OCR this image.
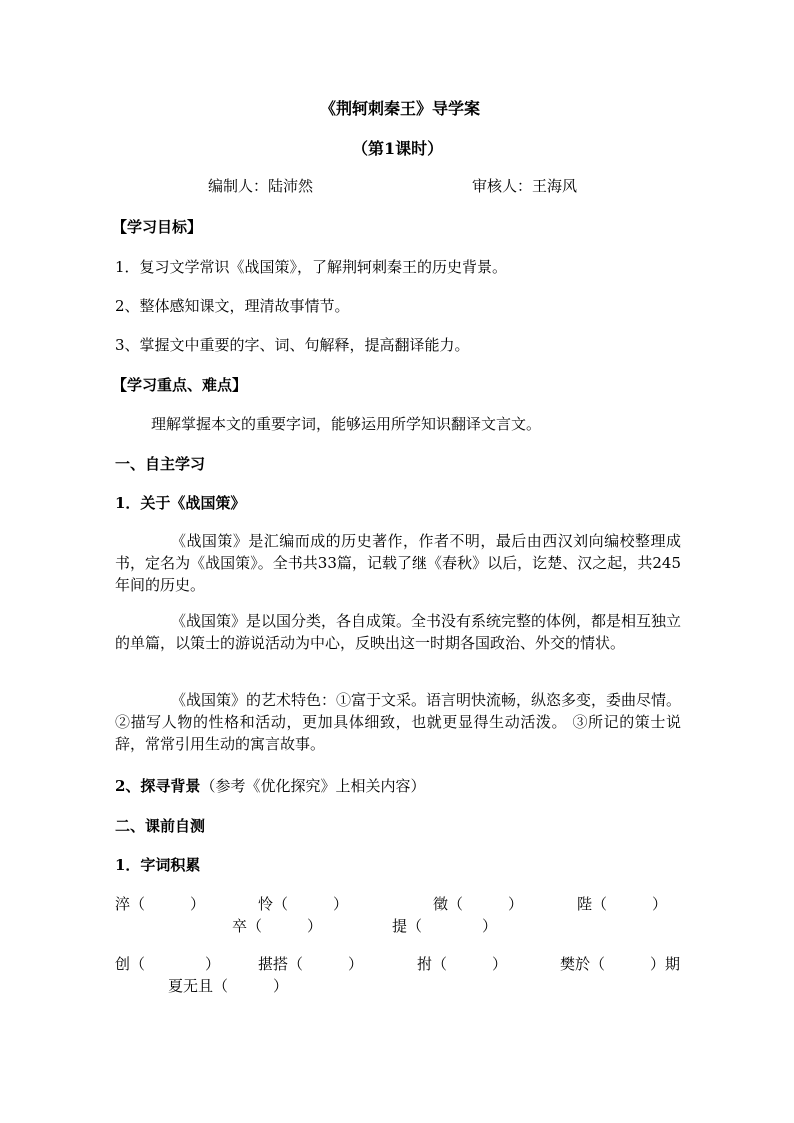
《荆轲刺秦王》导学案
（第1课时）
编制人：陆沛然	审核人：王海风
【学习目标】
1．复习文学常识《战国策》，了解荆轲刺秦王的历史背景。
2、整体感知课文，理清故事情节。
3、掌握文中重要的字、词、句解释，提高翻译能力。
【学习重点、难点】
理解掌握本文的重要字词，能够运用所学知识翻译文言文。
一、自主学习
1．关于《战国策》
《战国策》是汇编而成的历史著作，作者不明，最后由西汉刘向编校整理成书，定名为《战国策》。全书共33篇，记载了继《春秋》以后，讫楚、汉之起，共245年间的历史。
《战国策》是以国分类，各自成策。全书没有系统完整的体例，都是相互独立的单篇，以策士的游说活动为中心，反映出这一时期各国政治、外交的情状。
《战国策》的艺术特色：①富于文采。语言明快流畅，纵恣多变，委曲尽情。②描写人物的性格和活动，更加具体细致，也就更显得生动活泼。 ③所记的策士说辞，常常引用生动的寓言故事。
2、探寻背景（参考《优化探究》上相关内容）
二、课前自测
1．字词积累
淬（　　　）	怜（　　　）	徵（　　　）	陛（　　　）
卒（　　　）	提（　　　　）
创（　　　　）	揕搭（　　　）	拊（　　　）	樊於（　　　）期
夏无且（　　　）
